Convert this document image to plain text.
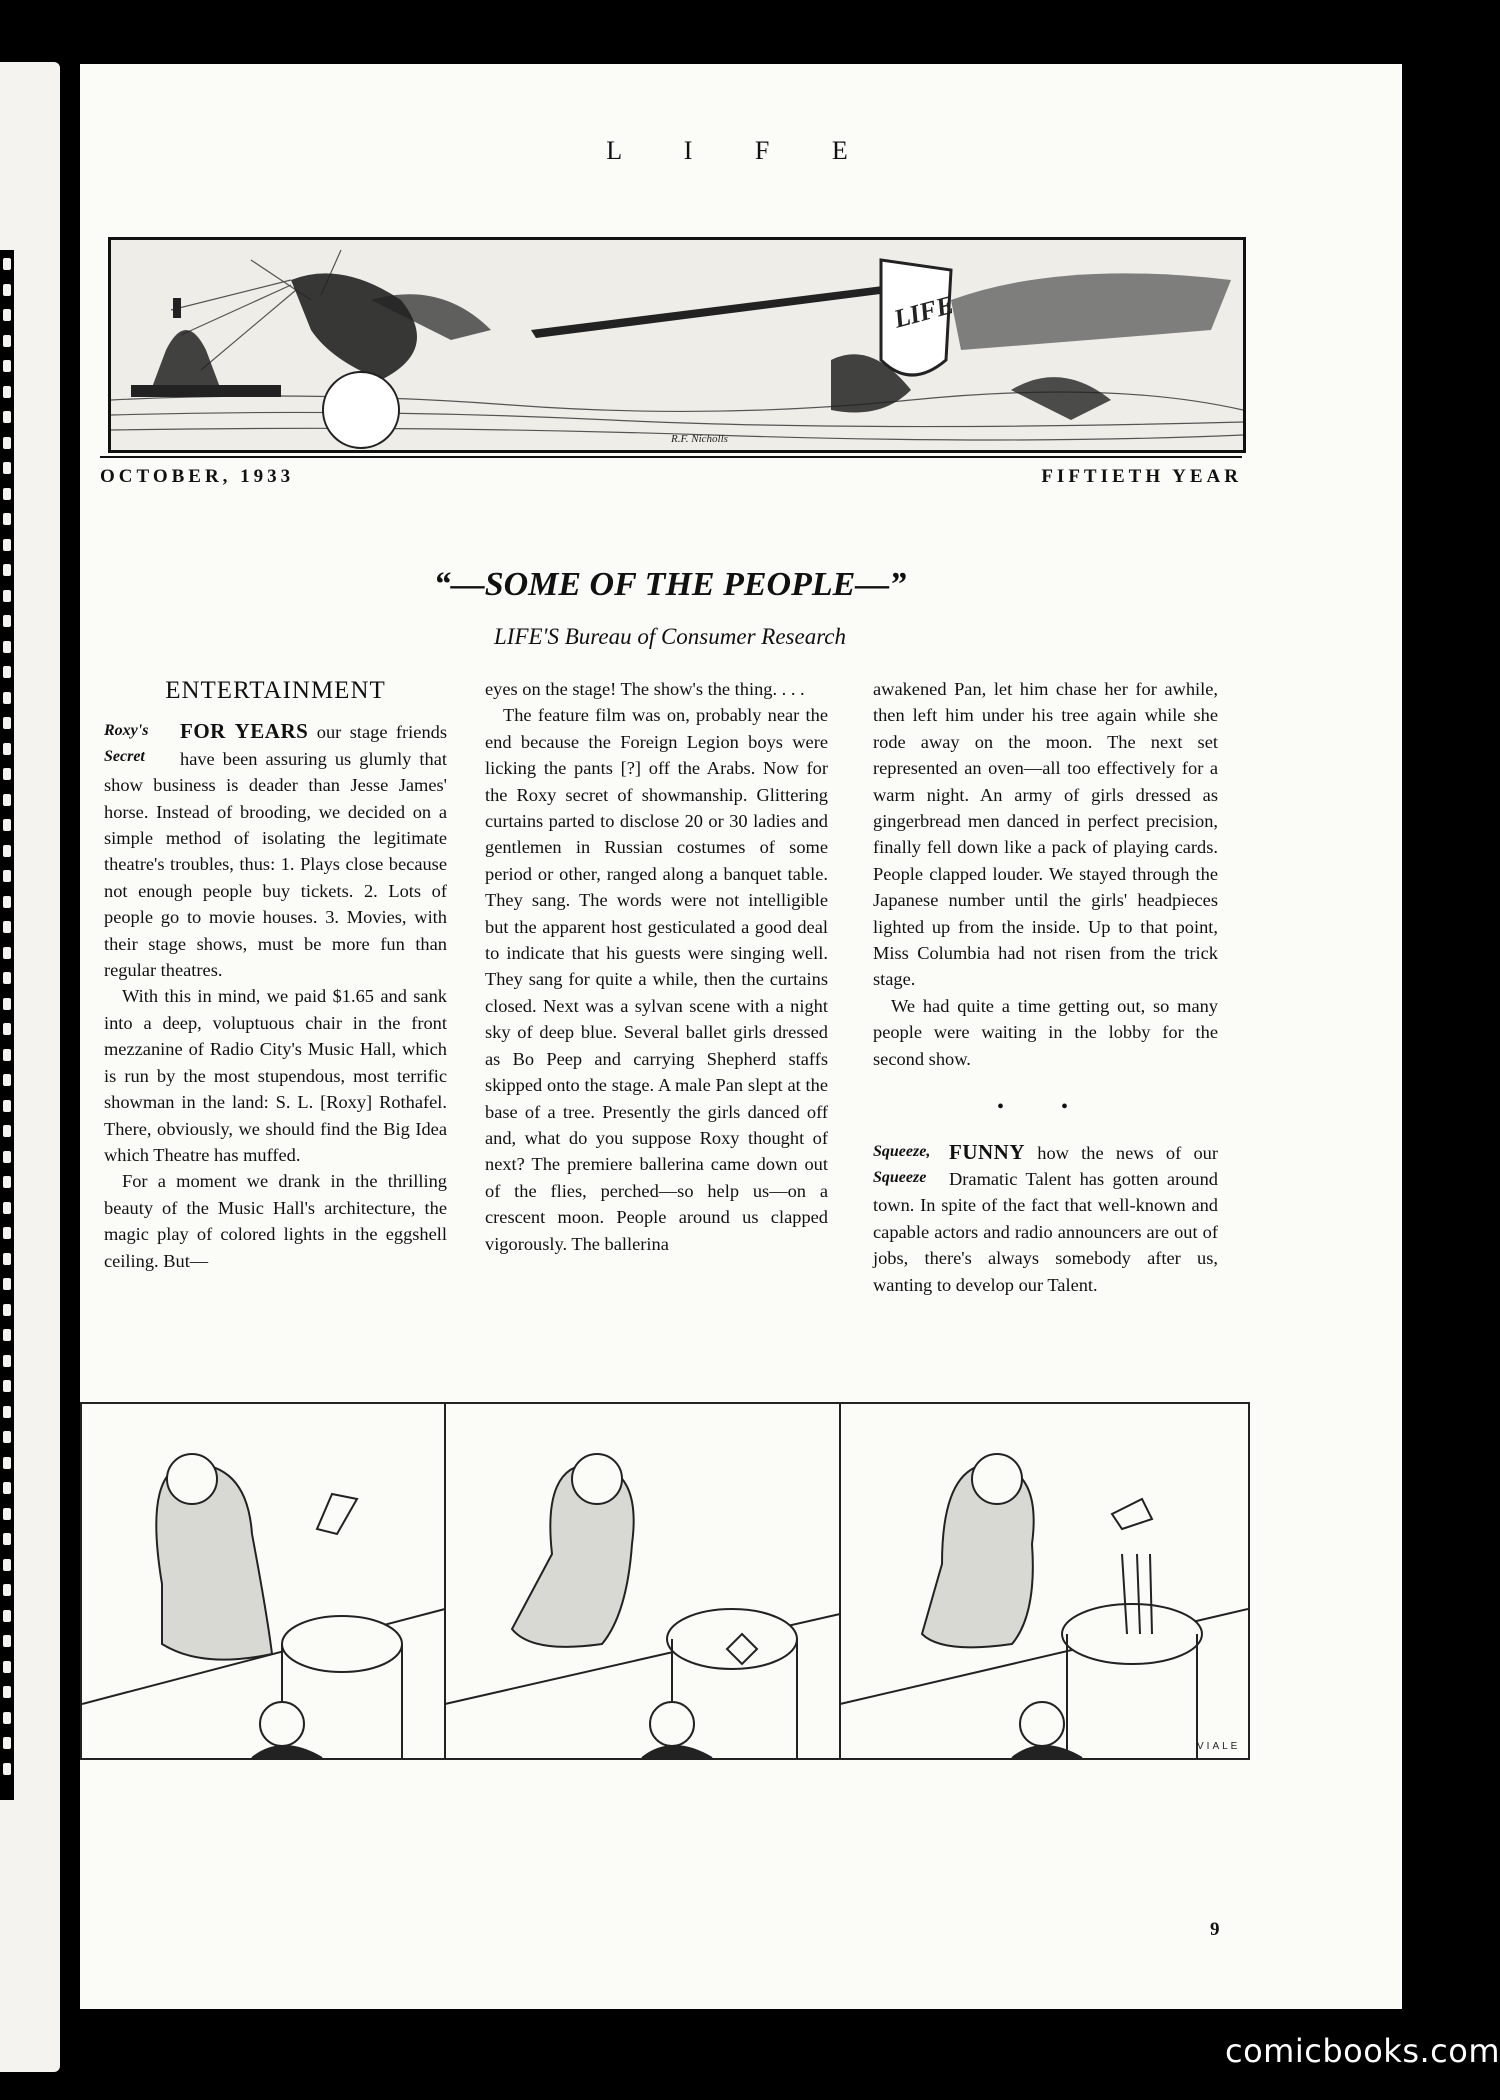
L I F E
LIFE
R.F. Nicholls
OCTOBER, 1933	FIFTIETH YEAR
“—SOME OF THE PEOPLE—”
LIFE'S Bureau of Consumer Research
ENTERTAINMENT

Roxy's Secret
FOR YEARS our stage friends have been assuring us glumly that show business is deader than Jesse James' horse. Instead of brooding, we decided on a simple method of isolating the legitimate theatre's troubles, thus: 1. Plays close because not enough people buy tickets. 2. Lots of people go to movie houses. 3. Movies, with their stage shows, must be more fun than regular theatres.

With this in mind, we paid $1.65 and sank into a deep, voluptuous chair in the front mezzanine of Radio City's Music Hall, which is run by the most stupendous, most terrific showman in the land: S. L. [Roxy] Rothafel. There, obviously, we should find the Big Idea which Theatre has muffed.

For a moment we drank in the thrilling beauty of the Music Hall's architecture, the magic play of colored lights in the eggshell ceiling. But—

eyes on the stage! The show's the thing. . . .

The feature film was on, probably near the end because the Foreign Legion boys were licking the pants [?] off the Arabs. Now for the Roxy secret of showmanship. Glittering curtains parted to disclose 20 or 30 ladies and gentlemen in Russian costumes of some period or other, ranged along a banquet table. They sang. The words were not intelligible but the apparent host gesticulated a good deal to indicate that his guests were singing well. They sang for quite a while, then the curtains closed. Next was a sylvan scene with a night sky of deep blue. Several ballet girls dressed as Bo Peep and carrying Shepherd staffs skipped onto the stage. A male Pan slept at the base of a tree. Presently the girls danced off and, what do you suppose Roxy thought of next? The premiere ballerina came down out of the flies, perched—so help us—on a crescent moon. People around us clapped vigorously. The ballerina

awakened Pan, let him chase her for awhile, then left him under his tree again while she rode away on the moon. The next set represented an oven—all too effectively for a warm night. An army of girls dressed as gingerbread men danced in perfect precision, finally fell down like a pack of playing cards. People clapped louder. We stayed through the Japanese number until the girls' headpieces lighted up from the inside. Up to that point, Miss Columbia had not risen from the trick stage.

We had quite a time getting out, so many people were waiting in the lobby for the second show.

• •

Squeeze, Squeeze
FUNNY how the news of our Dramatic Talent has gotten around town. In spite of the fact that well-known and capable actors and radio announcers are out of jobs, there's always somebody after us, wanting to develop our Talent.

VIALE
9
comicbooks.com
